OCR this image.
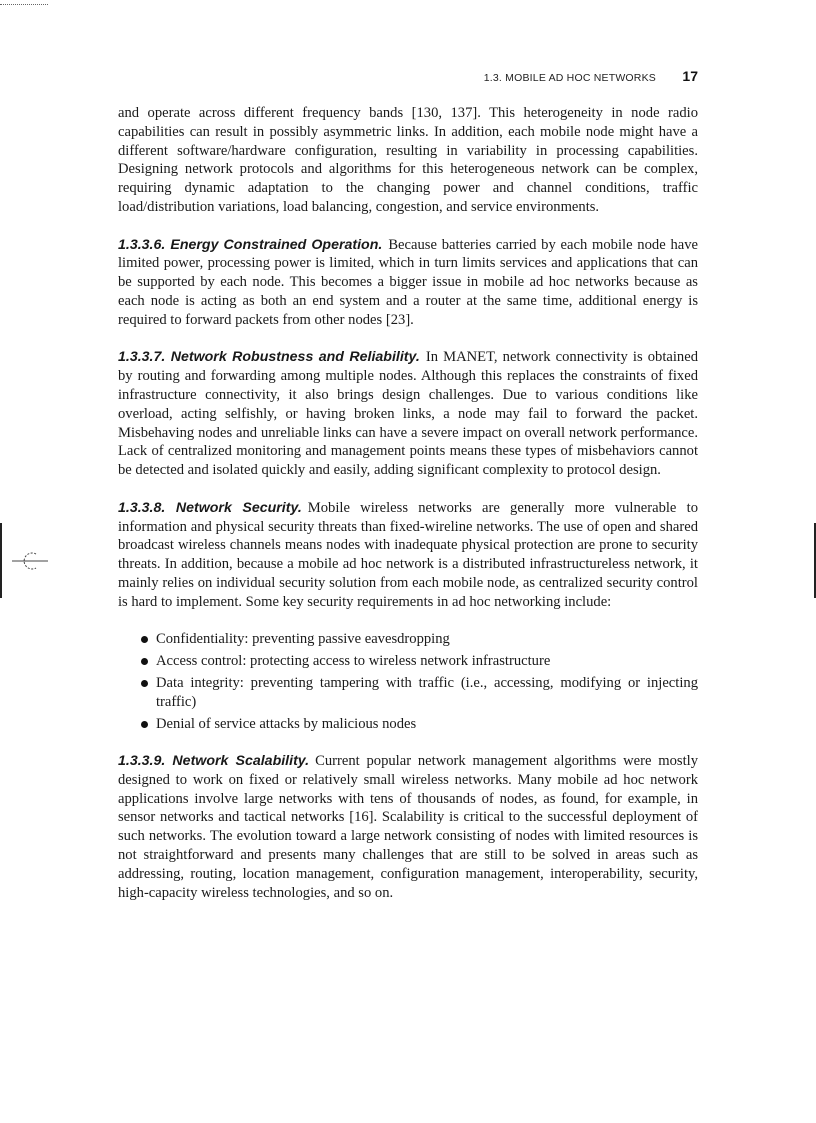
1.3. MOBILE AD HOC NETWORKS 17

and operate across different frequency bands [130, 137]. This heterogeneity in node radio capabilities can result in possibly asymmetric links. In addition, each mobile node might have a different software/hardware configuration, resulting in variability in processing capabilities. Designing network protocols and algorithms for this heterogeneous network can be complex, requiring dynamic adaptation to the changing power and channel conditions, traffic load/distribution variations, load balancing, congestion, and service environments.

1.3.3.6. Energy Constrained Operation. Because batteries carried by each mobile node have limited power, processing power is limited, which in turn limits services and applications that can be supported by each node. This becomes a bigger issue in mobile ad hoc networks because as each node is acting as both an end system and a router at the same time, additional energy is required to forward packets from other nodes [23].

1.3.3.7. Network Robustness and Reliability. In MANET, network connectivity is obtained by routing and forwarding among multiple nodes. Although this replaces the constraints of fixed infrastructure connectivity, it also brings design challenges. Due to various conditions like overload, acting selfishly, or having broken links, a node may fail to forward the packet. Misbehaving nodes and unreliable links can have a severe impact on overall network performance. Lack of centralized monitoring and management points means these types of misbehaviors cannot be detected and isolated quickly and easily, adding significant complexity to protocol design.

1.3.3.8. Network Security. Mobile wireless networks are generally more vulnerable to information and physical security threats than fixed-wireline networks. The use of open and shared broadcast wireless channels means nodes with inadequate physical protection are prone to security threats. In addition, because a mobile ad hoc network is a distributed infrastructureless network, it mainly relies on individual security solution from each mobile node, as centralized security control is hard to implement. Some key security requirements in ad hoc networking include:

Confidentiality: preventing passive eavesdropping
Access control: protecting access to wireless network infrastructure
Data integrity: preventing tampering with traffic (i.e., accessing, modifying or injecting traffic)
Denial of service attacks by malicious nodes

1.3.3.9. Network Scalability. Current popular network management algorithms were mostly designed to work on fixed or relatively small wireless networks. Many mobile ad hoc network applications involve large networks with tens of thousands of nodes, as found, for example, in sensor networks and tactical networks [16]. Scalability is critical to the successful deployment of such networks. The evolution toward a large network consisting of nodes with limited resources is not straightforward and presents many challenges that are still to be solved in areas such as addressing, routing, location management, configuration management, interoperability, security, high-capacity wireless technologies, and so on.
